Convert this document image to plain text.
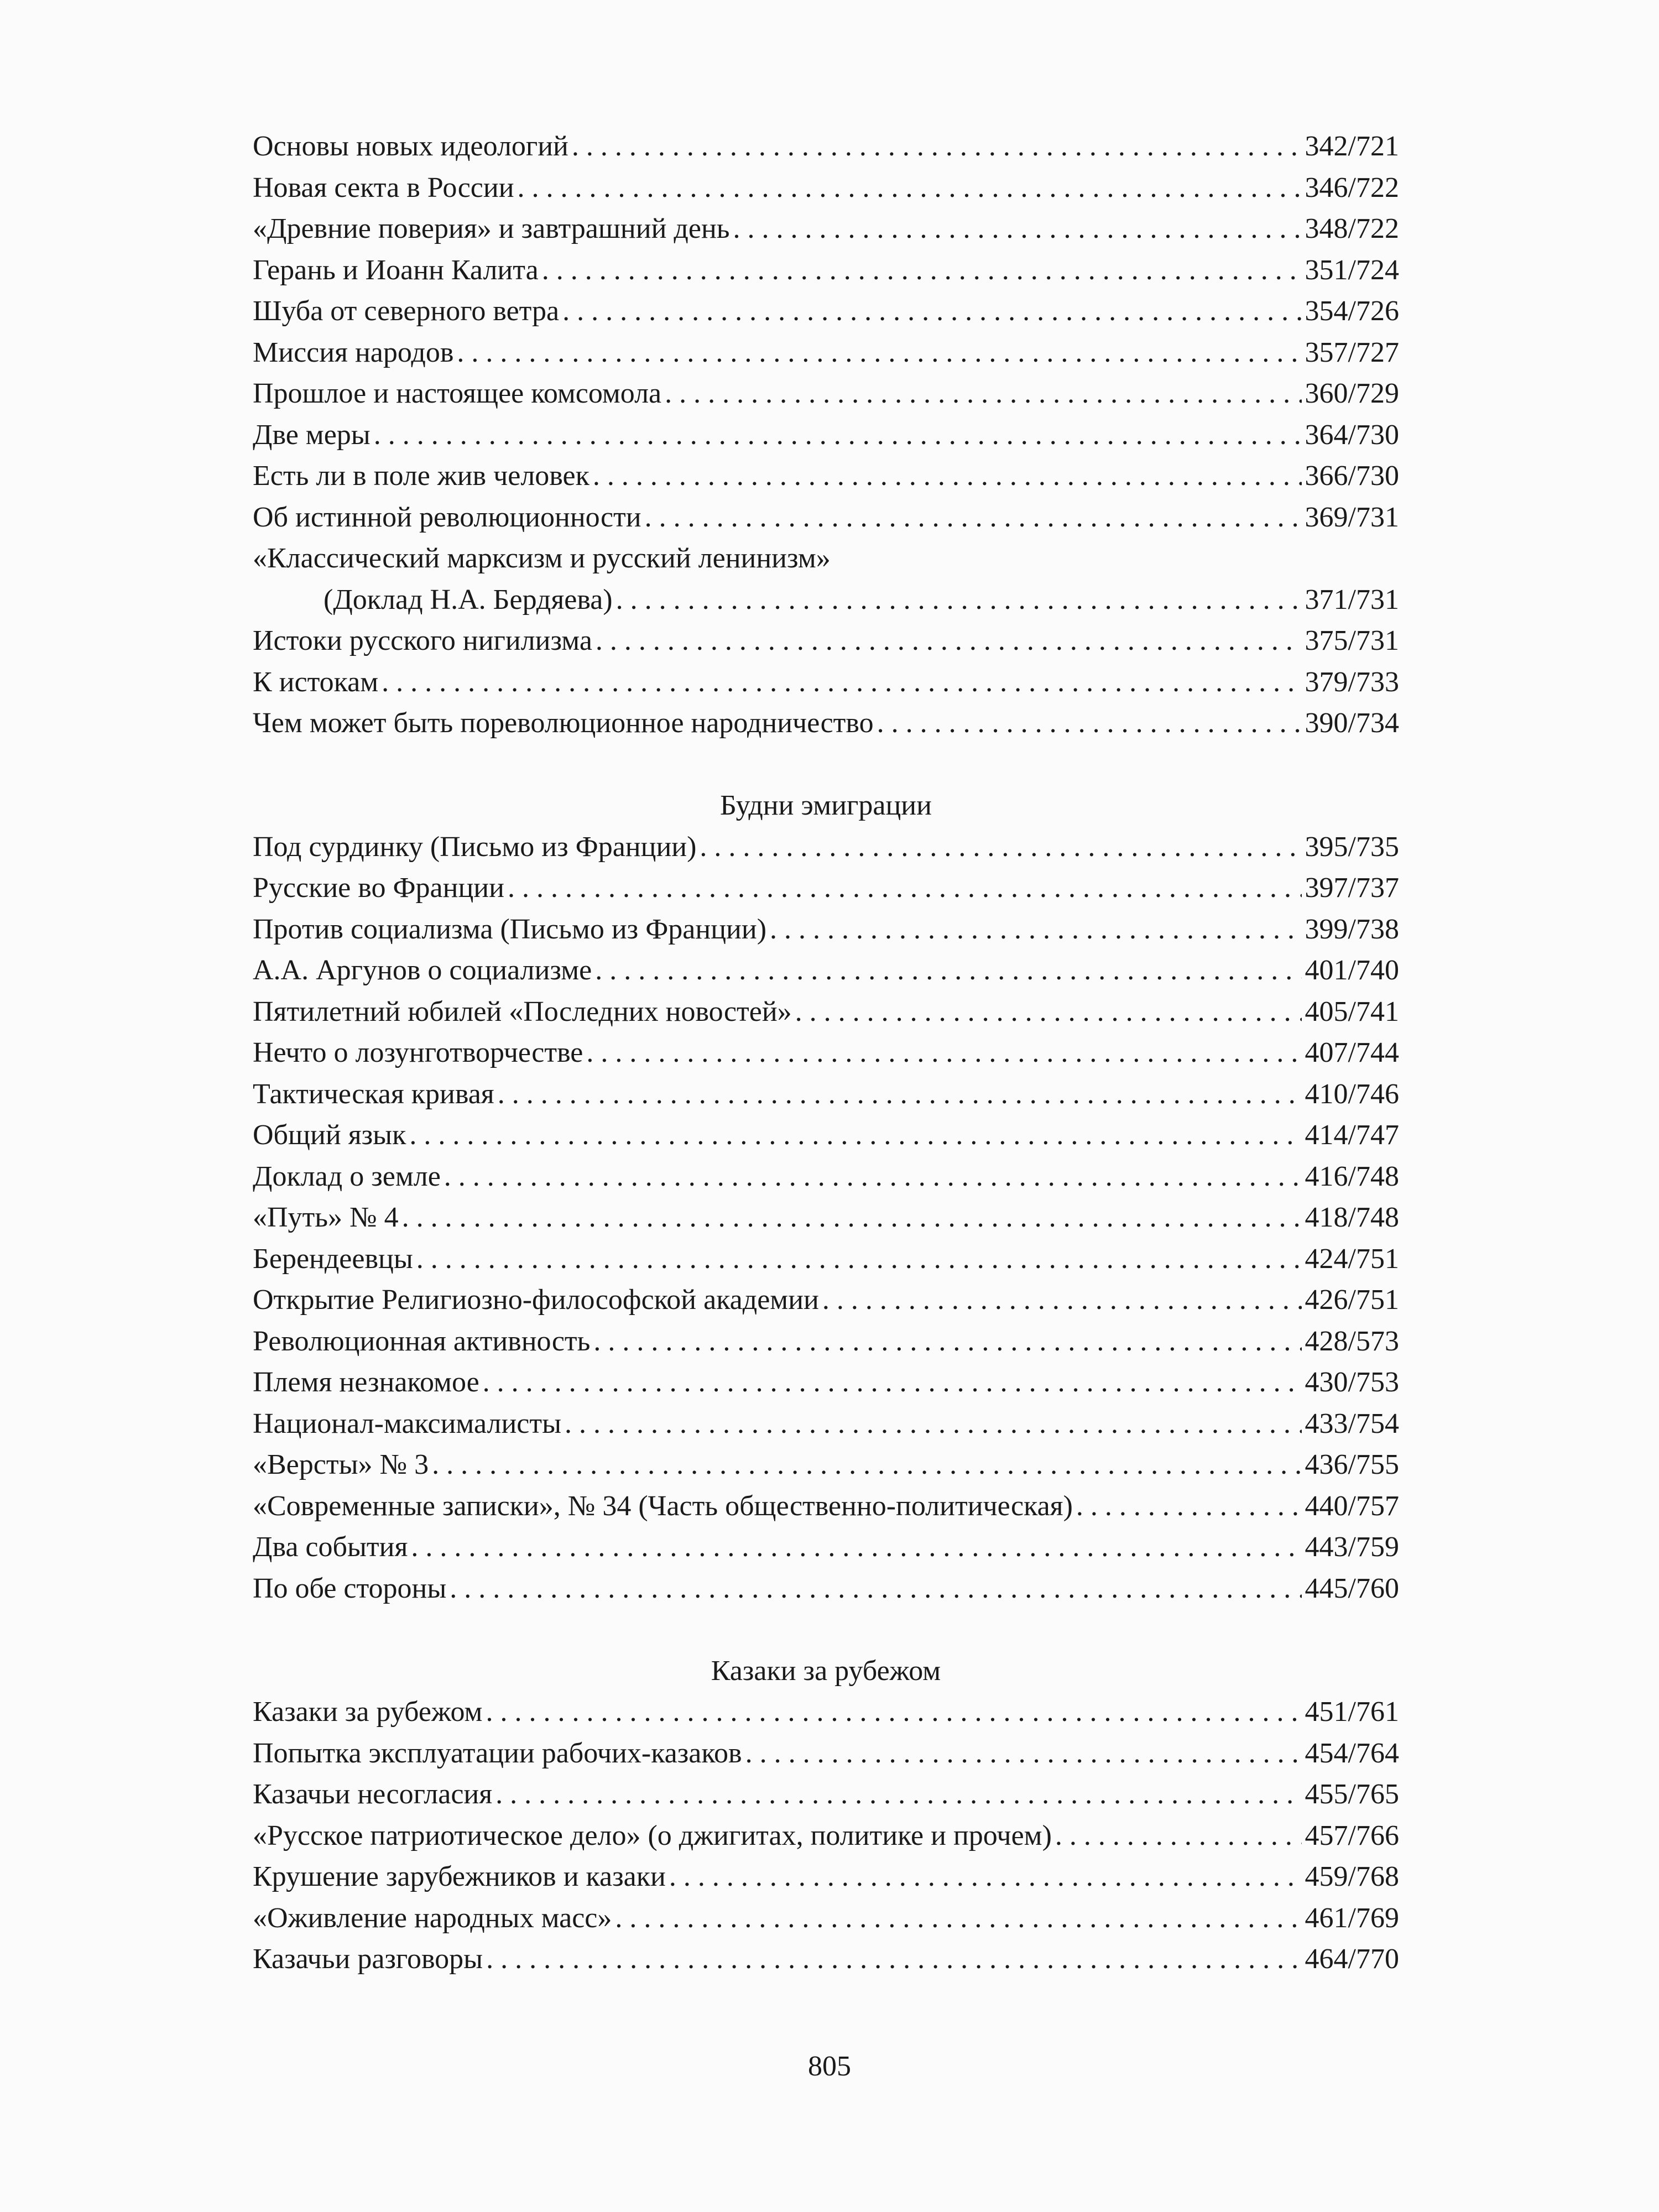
Основы новых идеологий . . .	342/721
Новая секта в России . . .	346/722
«Древние поверия» и завтрашний день . . .	348/722
Герань и Иоанн Калита . . .	351/724
Шуба от северного ветра . . .	354/726
Миссия народов . . .	357/727
Прошлое и настоящее комсомола . . .	360/729
Две меры . . .	364/730
Есть ли в поле жив человек . . .	366/730
Об истинной революционности . . .	369/731
«Классический марксизм и русский ленинизм»
(Доклад Н.А. Бердяева) . . .	371/731
Истоки русского нигилизма . . .	375/731
К истокам . . .	379/733
Чем может быть пореволюционное народничество . . .	390/734
Будни эмиграции
Под сурдинку (Письмо из Франции) . . .	395/735
Русские во Франции . . .	397/737
Против социализма (Письмо из Франции) . . .	399/738
А.А. Аргунов о социализме . . .	401/740
Пятилетний юбилей «Последних новостей» . . .	405/741
Нечто о лозунготворчестве . . .	407/744
Тактическая кривая . . .	410/746
Общий язык . . .	414/747
Доклад о земле . . .	416/748
«Путь» № 4 . . .	418/748
Берендеевцы . . .	424/751
Открытие Религиозно-философской академии . . .	426/751
Революционная активность . . .	428/573
Племя незнакомое . . .	430/753
Национал-максималисты . . .	433/754
«Версты» № 3 . . .	436/755
«Современные записки», № 34 (Часть общественно-политическая) . . .	440/757
Два события . . .	443/759
По обе стороны . . .	445/760
Казаки за рубежом
Казаки за рубежом . . .	451/761
Попытка эксплуатации рабочих-казаков . . .	454/764
Казачьи несогласия . . .	455/765
«Русское патриотическое дело» (о джигитах, политике и прочем) . . .	457/766
Крушение зарубежников и казаки . . .	459/768
«Оживление народных масс» . . .	461/769
Казачьи разговоры . . .	464/770
805
